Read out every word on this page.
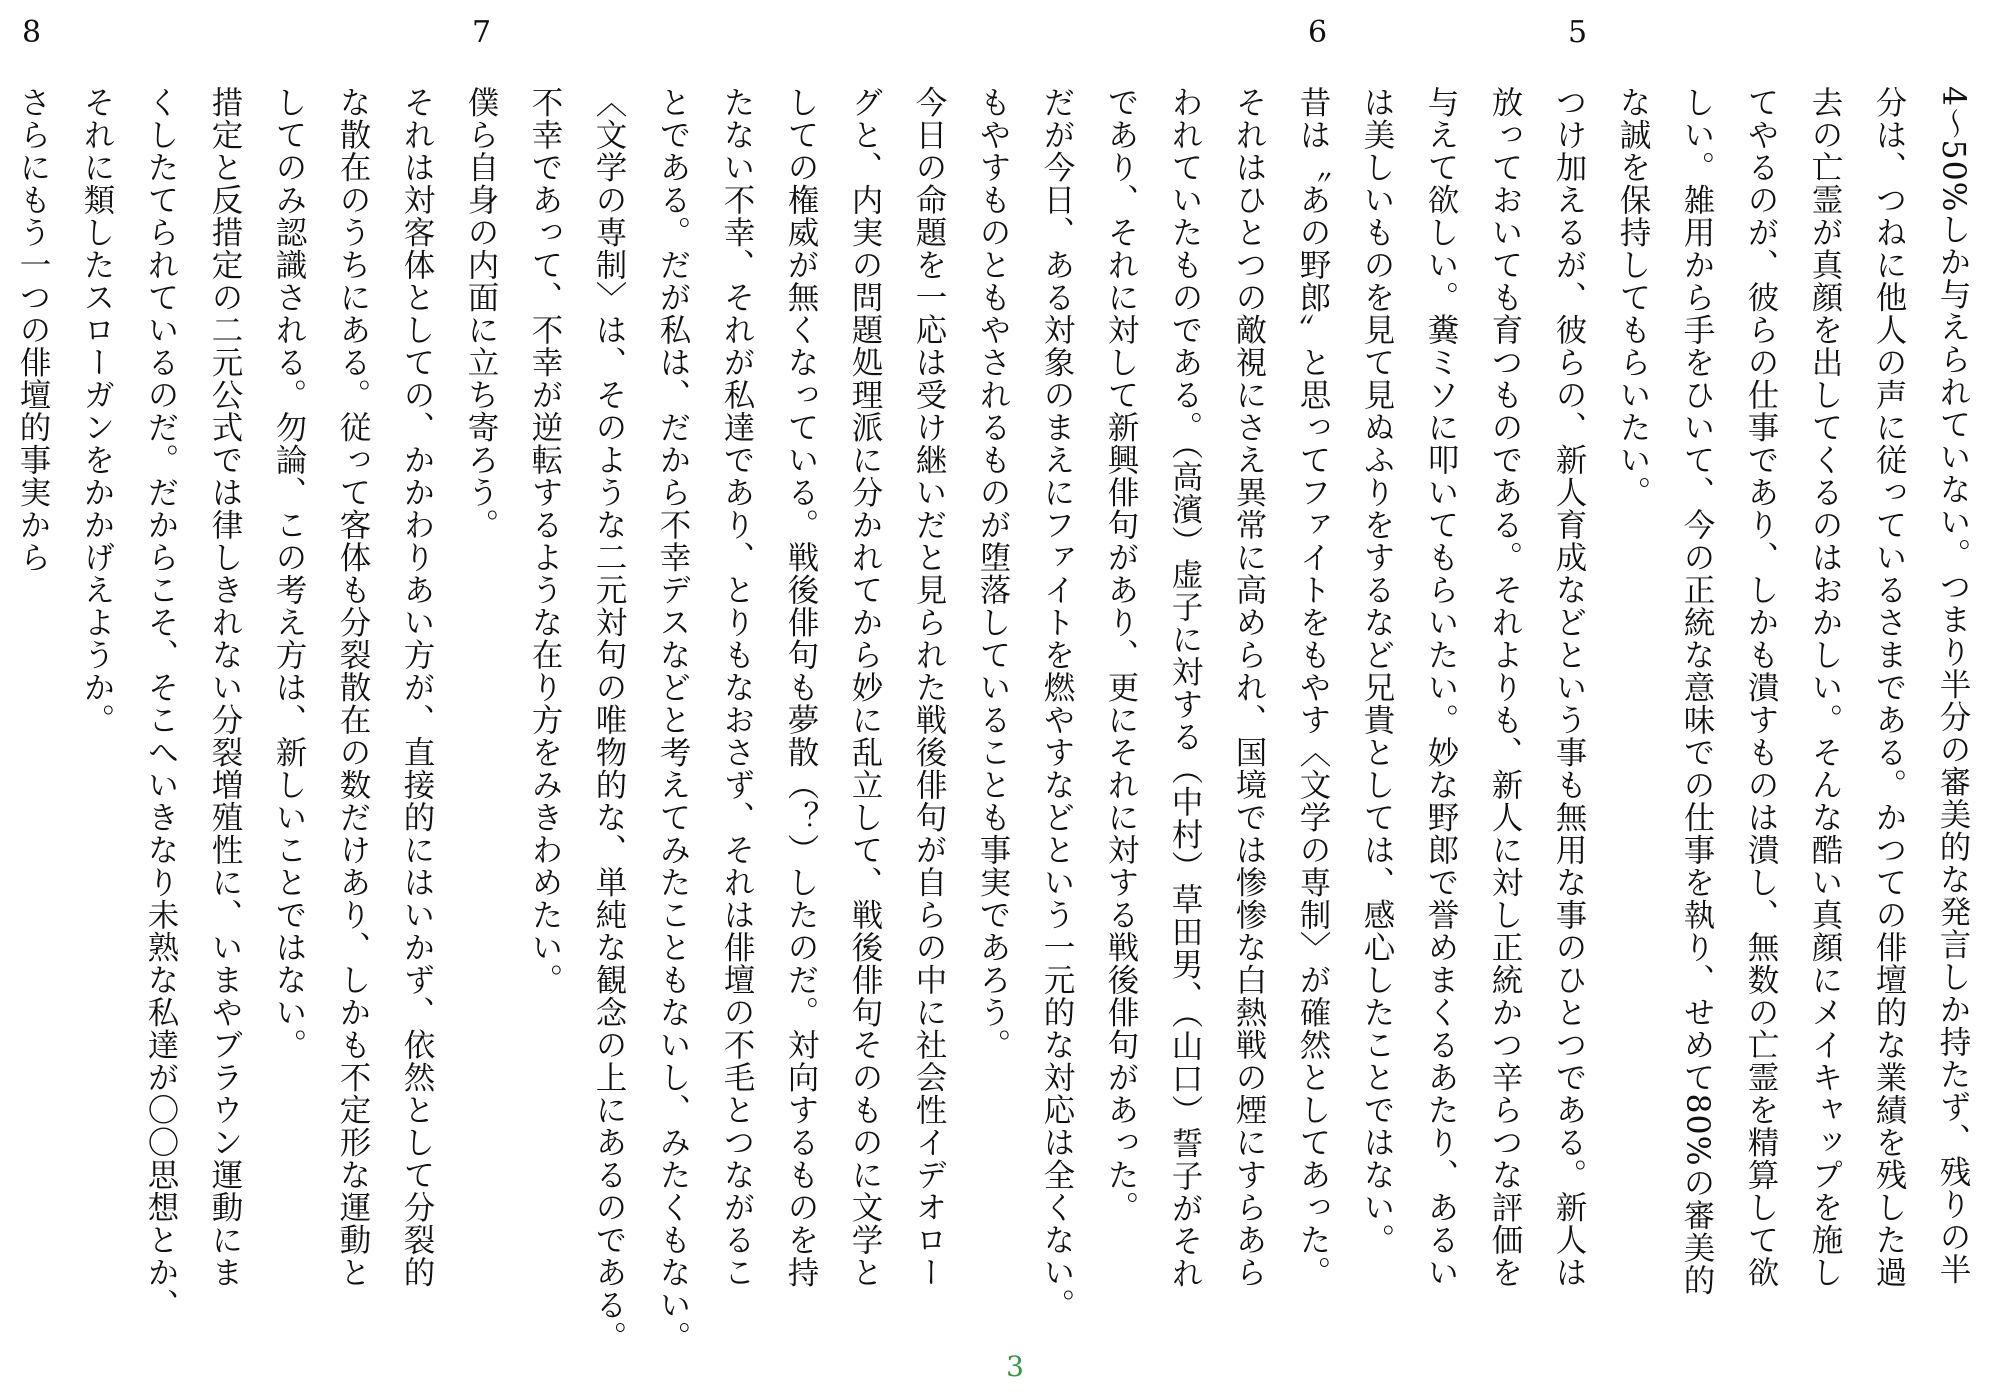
5
6
7
8
4～50%しか与えられていない。つまり半分の審美的な発言しか持たず、残りの半
分は、つねに他人の声に従っているさまである。かつての俳壇的な業績を残した過
去の亡霊が真顔を出してくるのはおかしい。そんな酷い真顔にメイキャップを施し
てやるのが、彼らの仕事であり、しかも潰すものは潰し、無数の亡霊を精算して欲
しい。雑用から手をひいて、今の正統な意味での仕事を執り、せめて80%の審美的
な誠を保持してもらいたい。
つけ加えるが、彼らの、新人育成などという事も無用な事のひとつである。新人は
放っておいても育つものである。それよりも、新人に対し正統かつ辛らつな評価を
与えて欲しい。糞ミソに叩いてもらいたい。妙な野郎で誉めまくるあたり、あるい
は美しいものを見て見ぬふりをするなど兄貴としては、感心したことではない。
昔は〝あの野郎〟と思ってファイトをもやす〈文学の専制〉が確然としてあった。
それはひとつの敵視にさえ異常に高められ、国境では惨惨な白熱戦の煙にすらあら
われていたものである。（高濱）虚子に対する（中村）草田男、（山口）誓子がそれ
であり、それに対して新興俳句があり、更にそれに対する戦後俳句があった。
だが今日、ある対象のまえにファイトを燃やすなどという一元的な対応は全くない。
もやすものともやされるものが堕落していることも事実であろう。
今日の命題を一応は受け継いだと見られた戦後俳句が自らの中に社会性イデオロー
グと、内実の問題処理派に分かれてから妙に乱立して、戦後俳句そのものに文学と
しての権威が無くなっている。戦後俳句も夢散（？）したのだ。対向するものを持
たない不幸、それが私達であり、とりもなおさず、それは俳壇の不毛とつながるこ
とである。だが私は、だから不幸デスなどと考えてみたこともないし、みたくもない。
〈文学の専制〉は、そのような二元対句の唯物的な、単純な観念の上にあるのである。
不幸であって、不幸が逆転するような在り方をみきわめたい。
僕ら自身の内面に立ち寄ろう。
それは対客体としての、かかわりあい方が、直接的にはいかず、依然として分裂的
な散在のうちにある。従って客体も分裂散在の数だけあり、しかも不定形な運動と
してのみ認識される。勿論、この考え方は、新しいことではない。
措定と反措定の二元公式では律しきれない分裂増殖性に、いまやブラウン運動にま
くしたてられているのだ。だからこそ、そこへいきなり未熟な私達が〇〇思想とか、
それに類したスローガンをかかげえようか。
さらにもう一つの俳壇的事実から
3
